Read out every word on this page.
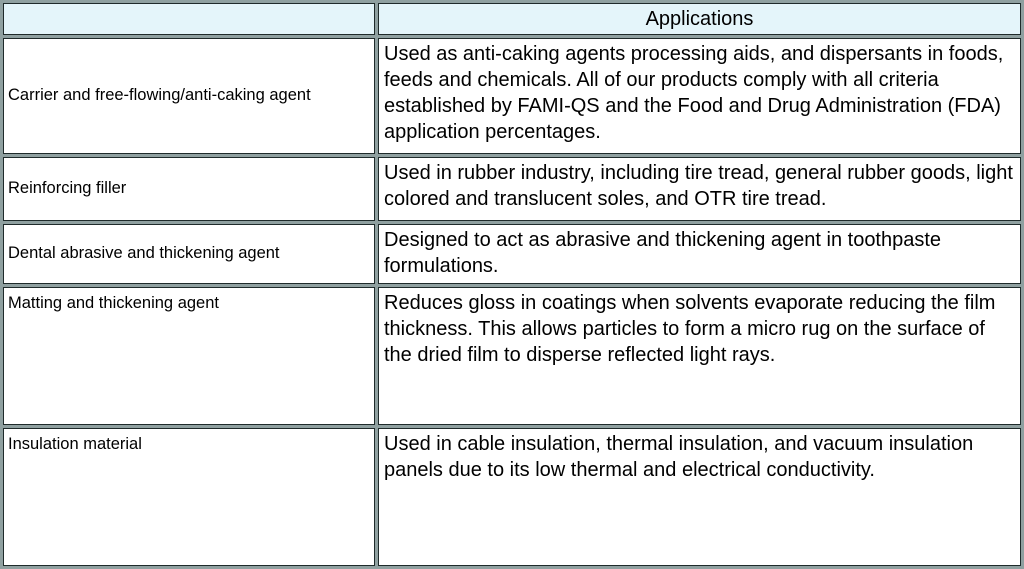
	Applications
Carrier and free-flowing/anti-caking agent	Used as anti-caking agents processing aids, and dispersants in foods, feeds and chemicals. All of our products comply with all criteria established by FAMI-QS and the Food and Drug Administration (FDA) application percentages.
Reinforcing filler	Used in rubber industry, including tire tread, general rubber goods, light colored and translucent soles, and OTR tire tread.
Dental abrasive and thickening agent	Designed to act as abrasive and thickening agent in toothpaste formulations.
Matting and thickening agent	Reduces gloss in coatings when solvents evaporate reducing the film thickness. This allows particles to form a micro rug on the surface of the dried film to disperse reflected light rays.
Insulation material	Used in cable insulation, thermal insulation, and vacuum insulation panels due to its low thermal and electrical conductivity.
